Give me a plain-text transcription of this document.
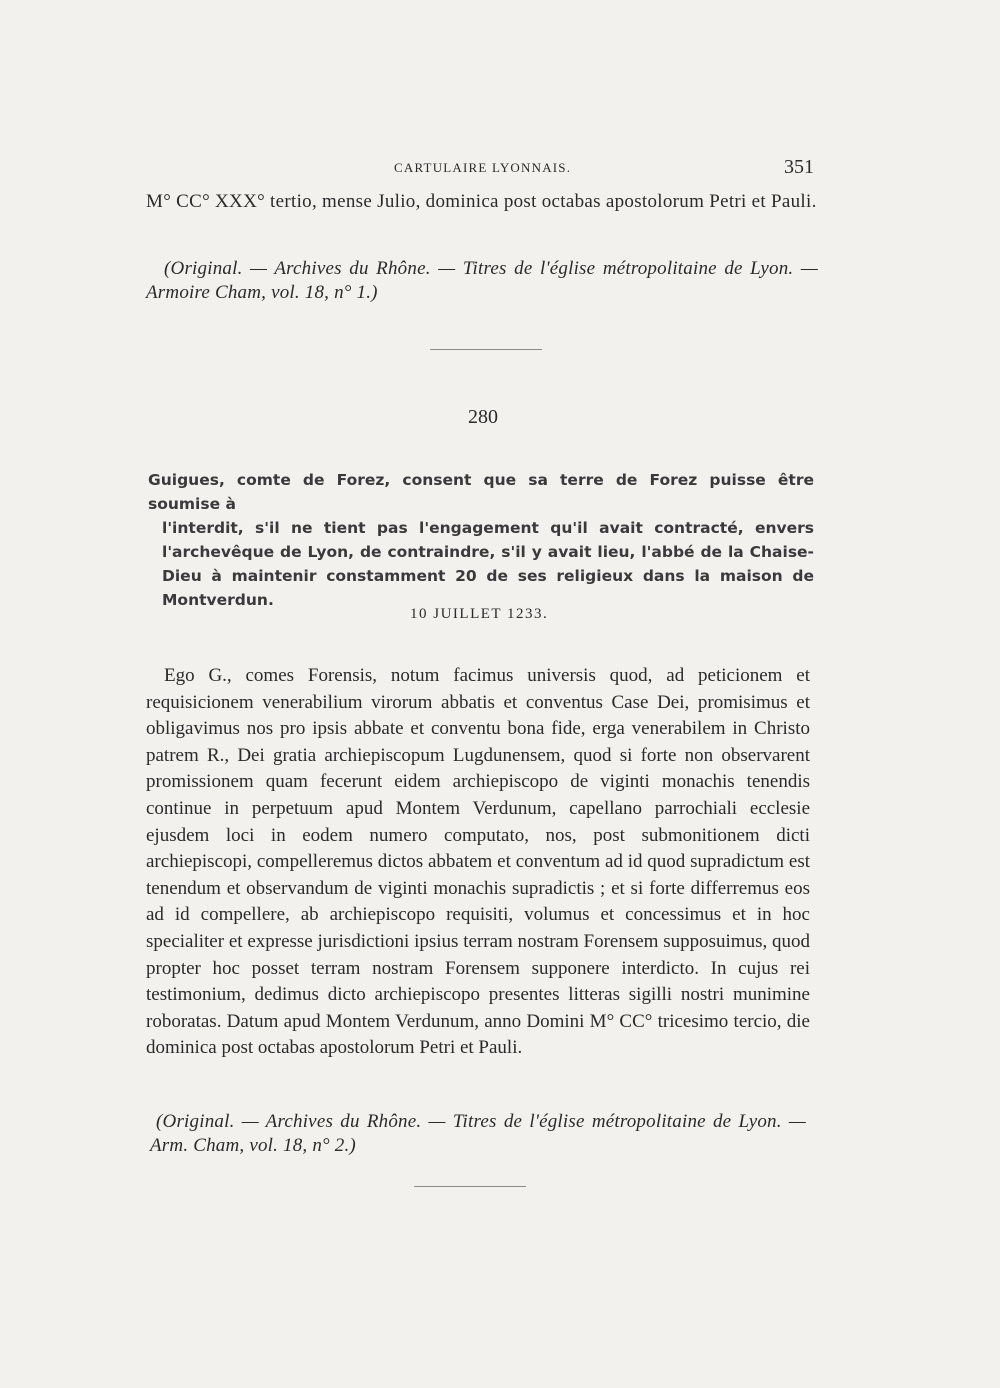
CARTULAIRE LYONNAIS.	351
M° CC° XXX° tertio, mense Julio, dominica post octabas apostolorum Petri et Pauli.
(Original. — Archives du Rhône. — Titres de l'église métropolitaine de Lyon. — Armoire Cham, vol. 18, n° 1.)
280
Guigues, comte de Forez, consent que sa terre de Forez puisse être soumise à
l'interdit, s'il ne tient pas l'engagement qu'il avait contracté, envers l'archevêque de Lyon, de contraindre, s'il y avait lieu, l'abbé de la Chaise-Dieu à maintenir constamment 20 de ses religieux dans la maison de Montverdun.
10 JUILLET 1233.
Ego G., comes Forensis, notum facimus universis quod, ad peticionem et requisicionem venerabilium virorum abbatis et conventus Case Dei, promisimus et obligavimus nos pro ipsis abbate et conventu bona fide, erga venerabilem in Christo patrem R., Dei gratia archiepiscopum Lugdunensem, quod si forte non observarent promissionem quam fecerunt eidem archiepiscopo de viginti monachis tenendis continue in perpetuum apud Montem Verdunum, capellano parrochiali ecclesie ejusdem loci in eodem numero computato, nos, post submonitionem dicti archiepiscopi, compelleremus dictos abbatem et conventum ad id quod supradictum est tenendum et observandum de viginti monachis supradictis ; et si forte differremus eos ad id compellere, ab archiepiscopo requisiti, volumus et concessimus et in hoc specialiter et expresse jurisdictioni ipsius terram nostram Forensem supposuimus, quod propter hoc posset terram nostram Forensem supponere interdicto. In cujus rei testimonium, dedimus dicto archiepiscopo presentes litteras sigilli nostri munimine roboratas. Datum apud Montem Verdunum, anno Domini M° CC° tricesimo tercio, die dominica post octabas apostolorum Petri et Pauli.
(Original. — Archives du Rhône. — Titres de l'église métropolitaine de Lyon. — Arm. Cham, vol. 18, n° 2.)
